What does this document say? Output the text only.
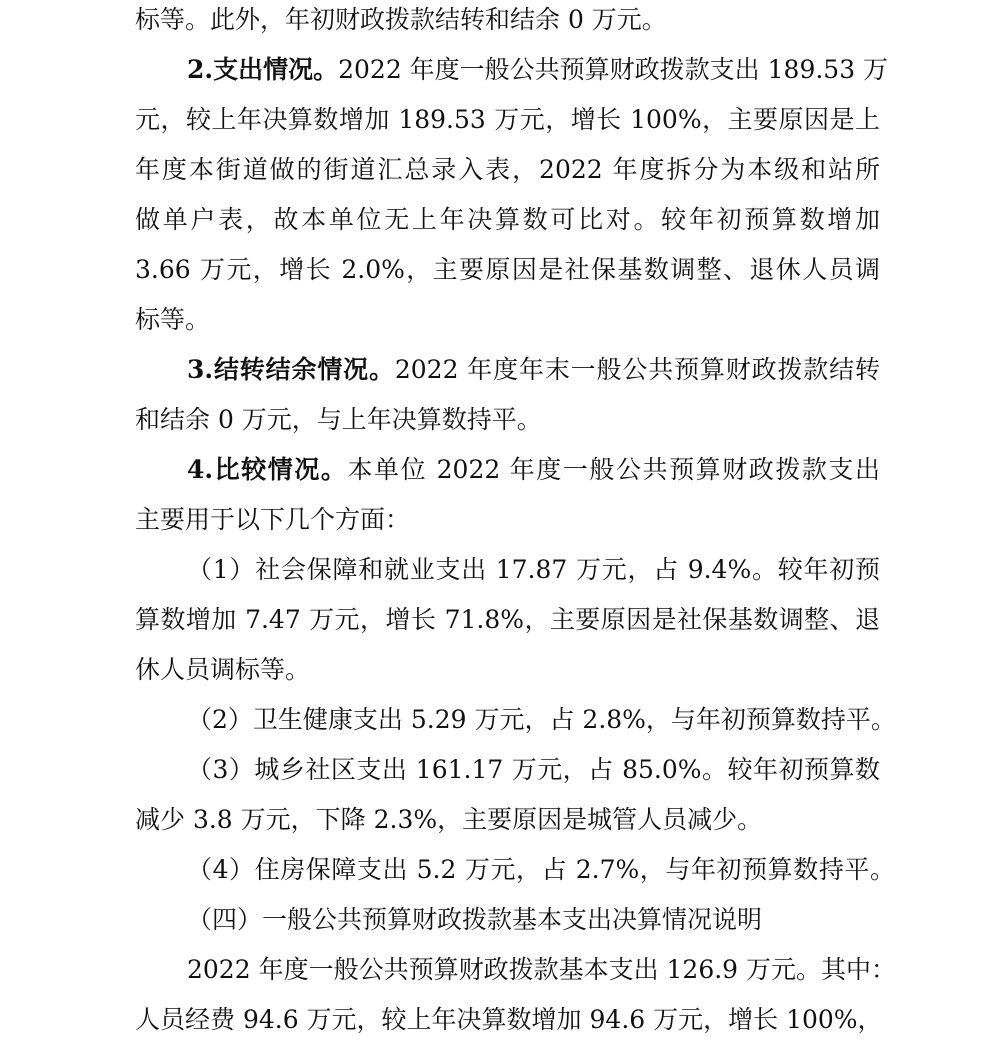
标等。此外，年初财政拨款结转和结余 0 万元。
2.支出情况。2022 年度一般公共预算财政拨款支出 189.53 万
元，较上年决算数增加 189.53 万元，增长 100%，主要原因是上
年度本街道做的街道汇总录入表，2022 年度拆分为本级和站所
做单户表，故本单位无上年决算数可比对。较年初预算数增加
3.66 万元，增长 2.0%，主要原因是社保基数调整、退休人员调
标等。
3.结转结余情况。2022 年度年末一般公共预算财政拨款结转
和结余 0 万元，与上年决算数持平。
4.比较情况。本单位 2022 年度一般公共预算财政拨款支出
主要用于以下几个方面：
（1）社会保障和就业支出 17.87 万元，占 9.4%。较年初预
算数增加 7.47 万元，增长 71.8%，主要原因是社保基数调整、退
休人员调标等。
（2）卫生健康支出 5.29 万元，占 2.8%，与年初预算数持平。
（3）城乡社区支出 161.17 万元，占 85.0%。较年初预算数
减少 3.8 万元，下降 2.3%，主要原因是城管人员减少。
（4）住房保障支出 5.2 万元，占 2.7%，与年初预算数持平。
（四）一般公共预算财政拨款基本支出决算情况说明
2022 年度一般公共预算财政拨款基本支出 126.9 万元。其中：
人员经费 94.6 万元，较上年决算数增加 94.6 万元，增长 100%，
